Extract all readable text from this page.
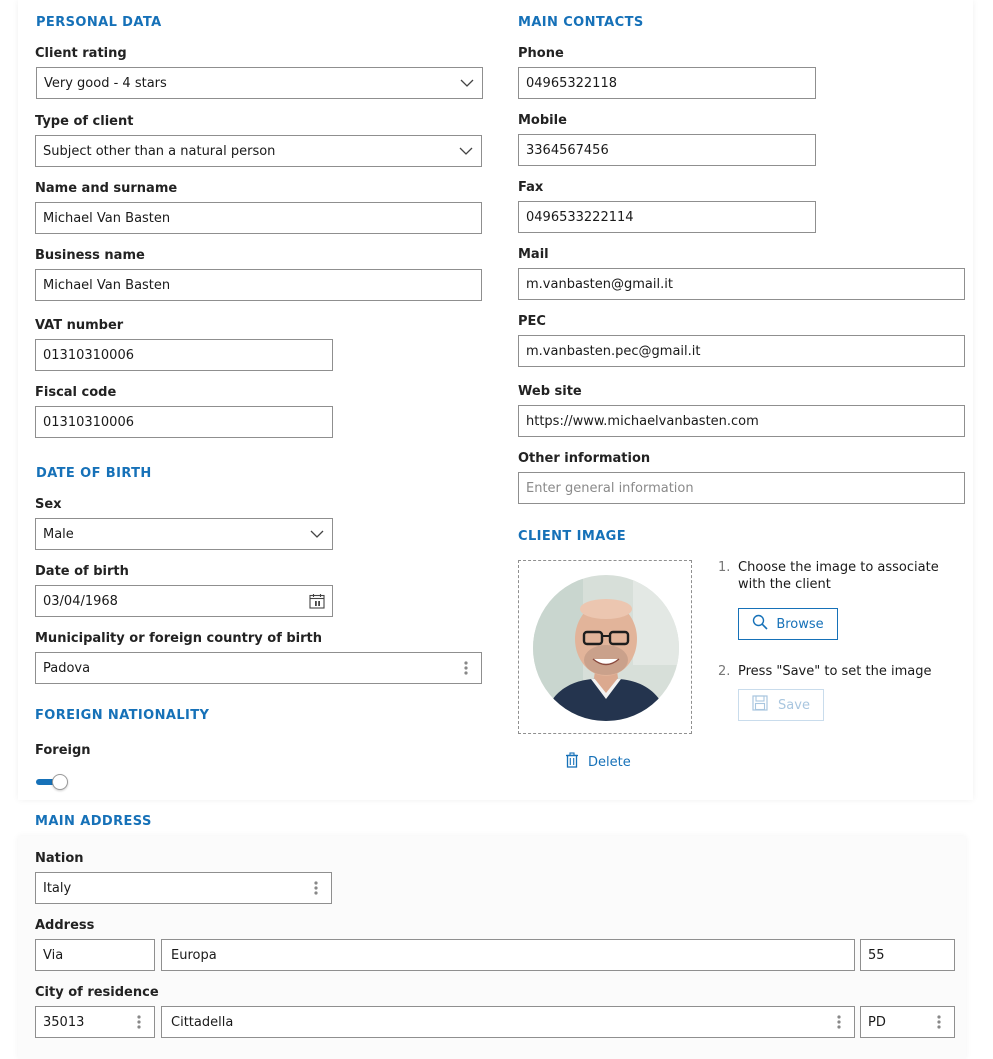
PERSONAL DATA
Client rating
Very good - 4 stars
Type of client
Subject other than a natural person
Name and surname
Michael Van Basten
Business name
Michael Van Basten
VAT number
01310310006
Fiscal code
01310310006
DATE OF BIRTH
Sex
Male
Date of birth
03/04/1968
Municipality or foreign country of birth
Padova
FOREIGN NATIONALITY
Foreign
MAIN CONTACTS
Phone
04965322118
Mobile
3364567456
Fax
0496533222114
Mail
m.vanbasten@gmail.it
PEC
m.vanbasten.pec@gmail.it
Web site
https://www.michaelvanbasten.com
Other information
Enter general information
CLIENT IMAGE
1. Choose the image to associate with the client
Browse
2. Press "Save" to set the image
Save
Delete
MAIN ADDRESS
Nation
Italy
Address
Via	Europa	55
City of residence
35013	Cittadella	PD
